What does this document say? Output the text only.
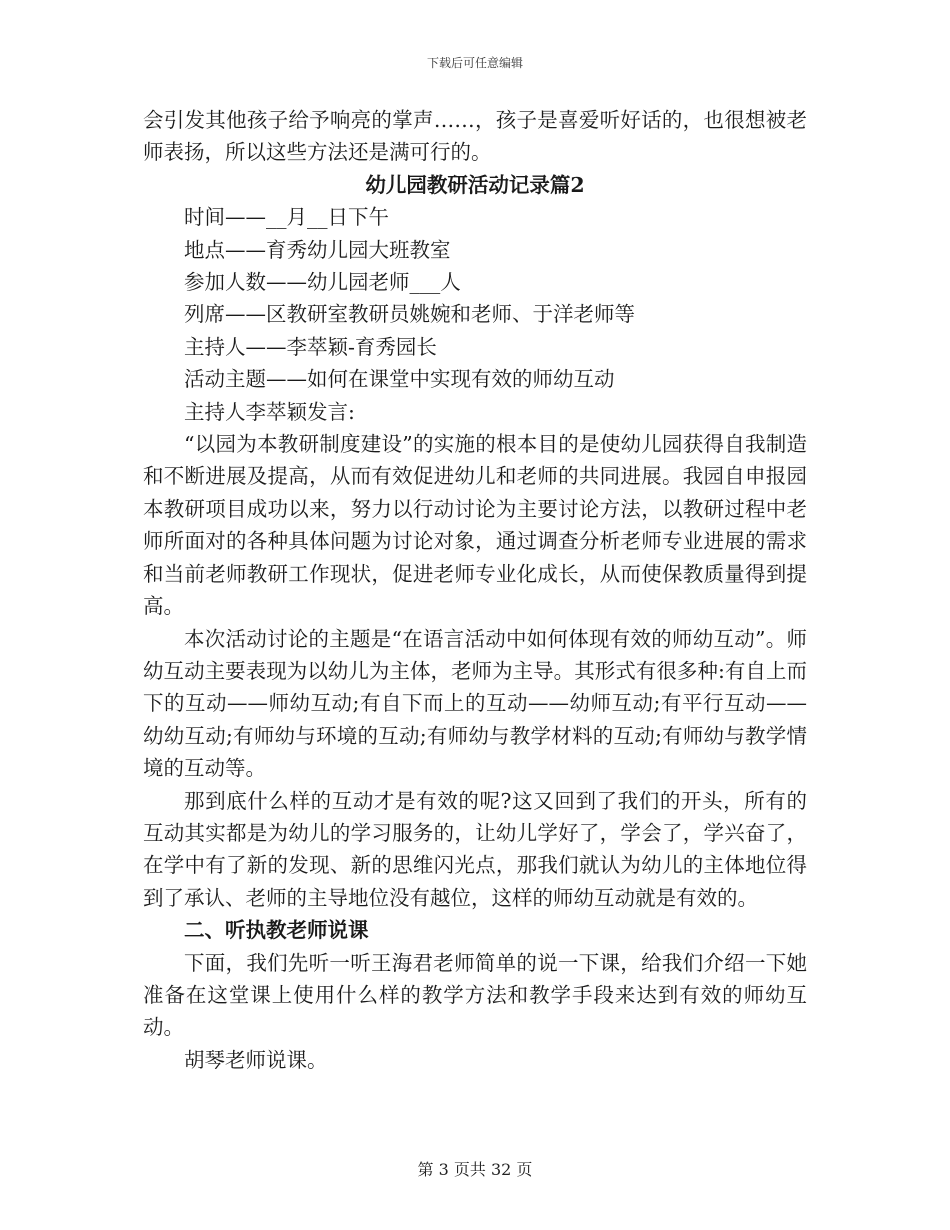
下载后可任意编辑

会引发其他孩子给予响亮的掌声……，孩子是喜爱听好话的，也很想被老师表扬，所以这些方法还是满可行的。

幼儿园教研活动记录篇2

时间——__月__日下午

地点——育秀幼儿园大班教室

参加人数——幼儿园老师___人

列席——区教研室教研员姚婉和老师、于洋老师等

主持人——李萃颖-育秀园长

活动主题——如何在课堂中实现有效的师幼互动

主持人李萃颖发言:

“以园为本教研制度建设”的实施的根本目的是使幼儿园获得自我制造和不断进展及提高，从而有效促进幼儿和老师的共同进展。我园自申报园本教研项目成功以来，努力以行动讨论为主要讨论方法，以教研过程中老师所面对的各种具体问题为讨论对象，通过调查分析老师专业进展的需求和当前老师教研工作现状，促进老师专业化成长，从而使保教质量得到提高。

本次活动讨论的主题是“在语言活动中如何体现有效的师幼互动”。师幼互动主要表现为以幼儿为主体，老师为主导。其形式有很多种:有自上而下的互动——师幼互动;有自下而上的互动——幼师互动;有平行互动——幼幼互动;有师幼与环境的互动;有师幼与教学材料的互动;有师幼与教学情境的互动等。

那到底什么样的互动才是有效的呢?这又回到了我们的开头，所有的互动其实都是为幼儿的学习服务的，让幼儿学好了，学会了，学兴奋了，在学中有了新的发现、新的思维闪光点，那我们就认为幼儿的主体地位得到了承认、老师的主导地位没有越位，这样的师幼互动就是有效的。

二、听执教老师说课

下面，我们先听一听王海君老师简单的说一下课，给我们介绍一下她准备在这堂课上使用什么样的教学方法和教学手段来达到有效的师幼互动。

胡琴老师说课。

第 3 页共 32 页
